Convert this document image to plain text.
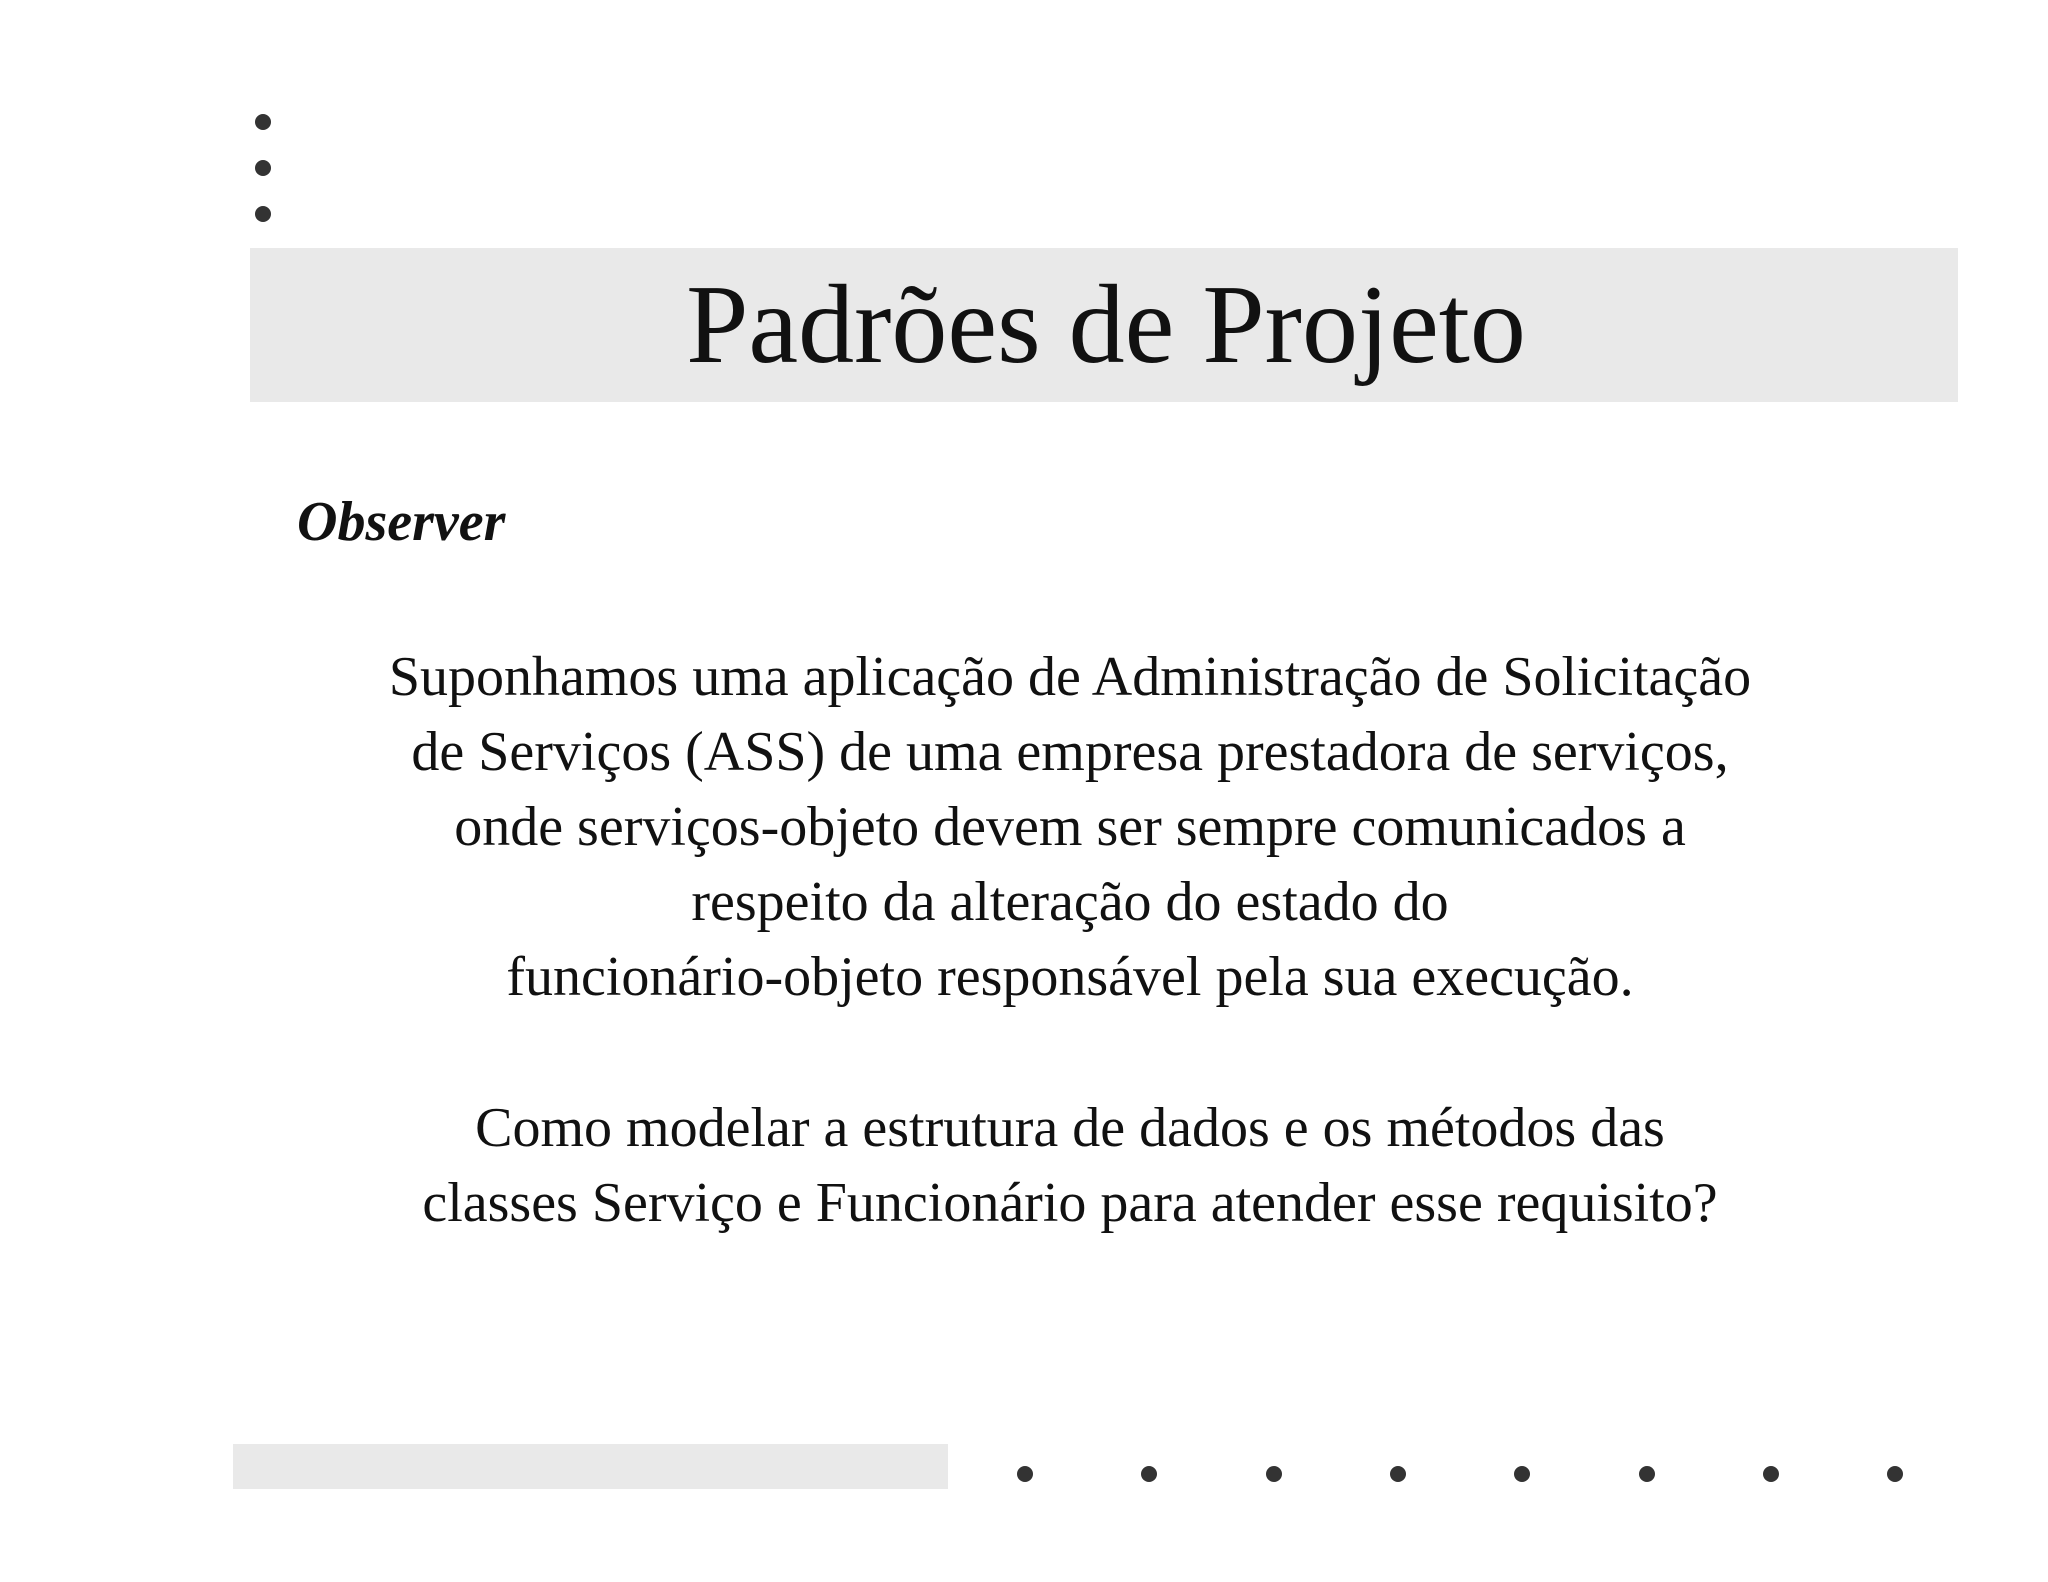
Padrões de Projeto

Observer

Suponhamos uma aplicação de Administração de Solicitação
de Serviços (ASS) de uma empresa prestadora de serviços,
onde serviços-objeto devem ser sempre comunicados a
respeito da alteração do estado do
funcionário-objeto responsável pela sua execução.

Como modelar a estrutura de dados e os métodos das
classes Serviço e Funcionário para atender esse requisito?
